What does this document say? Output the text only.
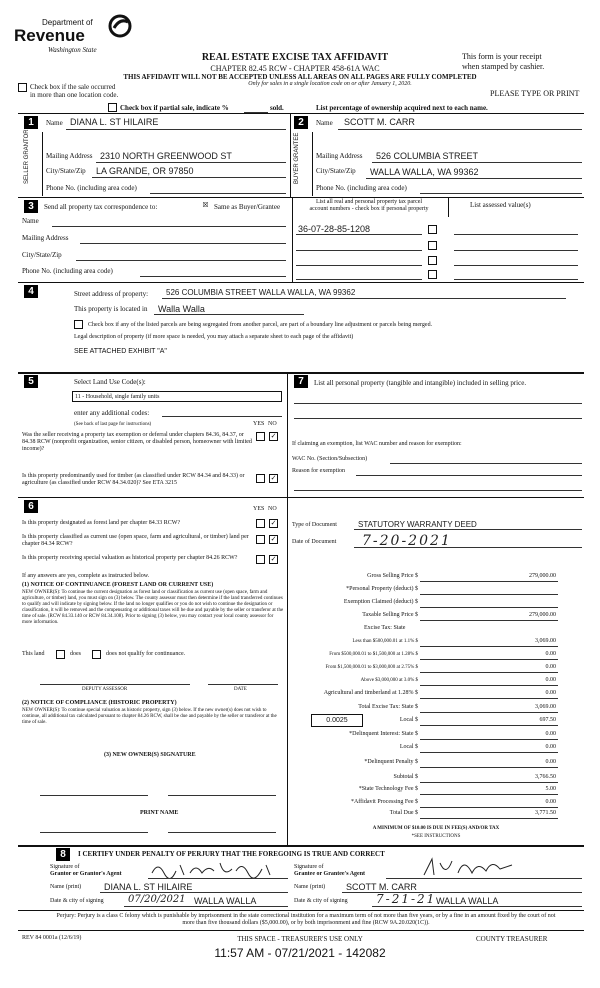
Department of
Revenue
Washington State
REAL ESTATE EXCISE TAX AFFIDAVIT
CHAPTER 82.45 RCW - CHAPTER 458-61A WAC
This form is your receipt
when stamped by cashier.
THIS AFFIDAVIT WILL NOT BE ACCEPTED UNLESS ALL AREAS ON ALL PAGES ARE FULLY COMPLETED
Only for sales in a single location code on or after January 1, 2020.
Check box if the sale occurred
in more than one location code.	PLEASE TYPE OR PRINT
Check box if partial sale, indicate %	sold.	List percentage of ownership acquired next to each name.
1	Name DIANA L. ST HILAIRE
SELLER GRANTOR Mailing Address 2310 NORTH GREENWOOD ST
City/State/Zip LA GRANDE, OR 97850
Phone No. (including area code)
2	Name SCOTT M. CARR
BUYER GRANTEE Mailing Address 526 COLUMBIA STREET
City/State/Zip WALLA WALLA, WA 99362
Phone No. (including area code)
3	Send all property tax correspondence to:	☒ Same as Buyer/Grantee
List all real and personal property tax parcel
account numbers - check box if personal property	List assessed value(s)
Name
Mailing Address
City/State/Zip
Phone No. (including area code)
36-07-28-85-1208
4	Street address of property: 526 COLUMBIA STREET WALLA WALLA, WA 99362
This property is located in Walla Walla
Check box if any of the listed parcels are being segregated from another parcel, are part of a boundary line adjustment or parcels being merged.
Legal description of property (if more space is needed, you may attach a separate sheet to each page of the affidavit)
SEE ATTACHED EXHIBIT "A"
5	Select Land Use Code(s):
11 - Household, single family units
enter any additional codes:
(See back of last page for instructions)	YES NO
Was the seller receiving a property tax exemption or deferral under chapters 84.36, 84.37, or 84.38 RCW (nonprofit organization, senior citizen, or disabled person, homeowner with limited income)?
✓
Is this property predominantly used for timber (as classified under RCW 84.34 and 84.33) or agriculture (as classified under RCW 84.34.020)? See ETA 3215
✓
7	List all personal property (tangible and intangible) included in selling price.
If claiming an exemption, list WAC number and reason for exemption:
WAC No. (Section/Subsection)
Reason for exemption
6	YES NO
Is this property designated as forest land per chapter 84.33 RCW?	✓
Is this property classified as current use (open space, farm and agricultural, or timber) land per chapter 84.34 RCW?
✓
Is this property receiving special valuation as historical property per chapter 84.26 RCW?	✓
If any answers are yes, complete as instructed below.
(1) NOTICE OF CONTINUANCE (FOREST LAND OR CURRENT USE)
NEW OWNER(S): To continue the current designation as forest land or classification as current use (open space, farm and agriculture, or timber) land, you must sign on (3) below. The county assessor must then determine if the land transferred continues to qualify and will indicate by signing below. If the land no longer qualifies or you do not wish to continue the designation or classification, it will be removed and the compensating or additional taxes will be due and payable by the seller or transferor at the time of sale. (RCW 84.33.140 or RCW 84.34.108). Prior to signing (3) below, you may contact your local county assessor for more information.
This land	does	does not qualify for continuance.
DEPUTY ASSESSOR	DATE
(2) NOTICE OF COMPLIANCE (HISTORIC PROPERTY)
NEW OWNER(S): To continue special valuation as historic property, sign (3) below. If the new owner(s) does not wish to continue, all additional tax calculated pursuant to chapter 84.26 RCW, shall be due and payable by the seller or transferor at the time of sale.
(3) NEW OWNER(S) SIGNATURE
PRINT NAME
Type of Document	STATUTORY WARRANTY DEED
Date of Document 7-20-2021
Gross Selling Price $	279,000.00
*Personal Property (deduct) $
Exemption Claimed (deduct) $
Taxable Selling Price $	279,000.00
Excise Tax: State
Less than $500,000.01 at 1.1% $	3,069.00
From $500,000.01 to $1,500,000 at 1.28% $	0.00
From $1,500,000.01 to $3,000,000 at 2.75% $	0.00
Above $3,000,000 at 3.0% $	0.00
Agricultural and timberland at 1.28% $	0.00
Total Excise Tax: State $	3,069.00
0.0025	Local $	697.50
*Delinquent Interest: State $	0.00
Local $	0.00
*Delinquent Penalty $	0.00
Subtotal $	3,766.50
*State Technology Fee $	5.00
*Affidavit Processing Fee $	0.00
Total Due $	3,771.50
A MINIMUM OF $10.00 IS DUE IN FEE(S) AND/OR TAX
*SEE INSTRUCTIONS
8	I CERTIFY UNDER PENALTY OF PERJURY THAT THE FOREGOING IS TRUE AND CORRECT
Signature of
Grantor or Grantor's Agent
Signature of
Grantee or Grantee's Agent
Name (print)	DIANA L. ST HILAIRE	Name (print) SCOTT M. CARR
Date & city of signing 07/20/2021 WALLA WALLA	Date & city of signing 7-21-21 WALLA WALLA
Perjury: Perjury is a class C felony which is punishable by imprisonment in the state correctional institution for a maximum term of not more than five years, or by a fine in an amount fixed by the court of not more than five thousand dollars ($5,000.00), or by both imprisonment and fine (RCW 9A.20.020(1C)).
REV 84 0001a (12/6/19)	THIS SPACE - TREASURER'S USE ONLY	COUNTY TREASURER
11:57 AM - 07/21/2021 - 142082
